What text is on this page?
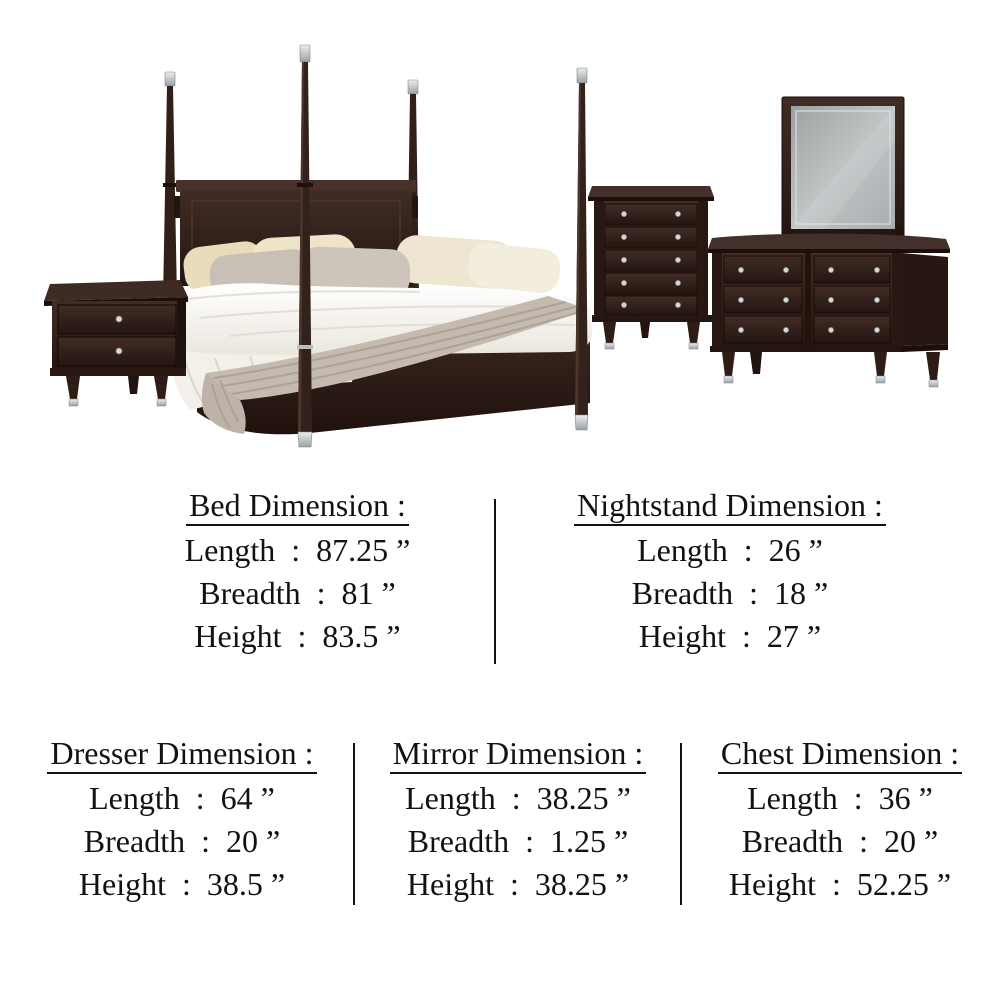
Bed Dimension :
Length  :  87.25 ”
Breadth  :  81 ”
Height  :  83.5 ”
Nightstand Dimension :
Length  :  26 ”
Breadth  :  18 ”
Height  :  27 ”
Dresser Dimension :
Length  :  64 ”
Breadth  :  20 ”
Height  :  38.5 ”
Mirror Dimension :
Length  :  38.25 ”
Breadth  :  1.25 ”
Height  :  38.25 ”
Chest Dimension :
Length  :  36 ”
Breadth  :  20 ”
Height  :  52.25 ”
